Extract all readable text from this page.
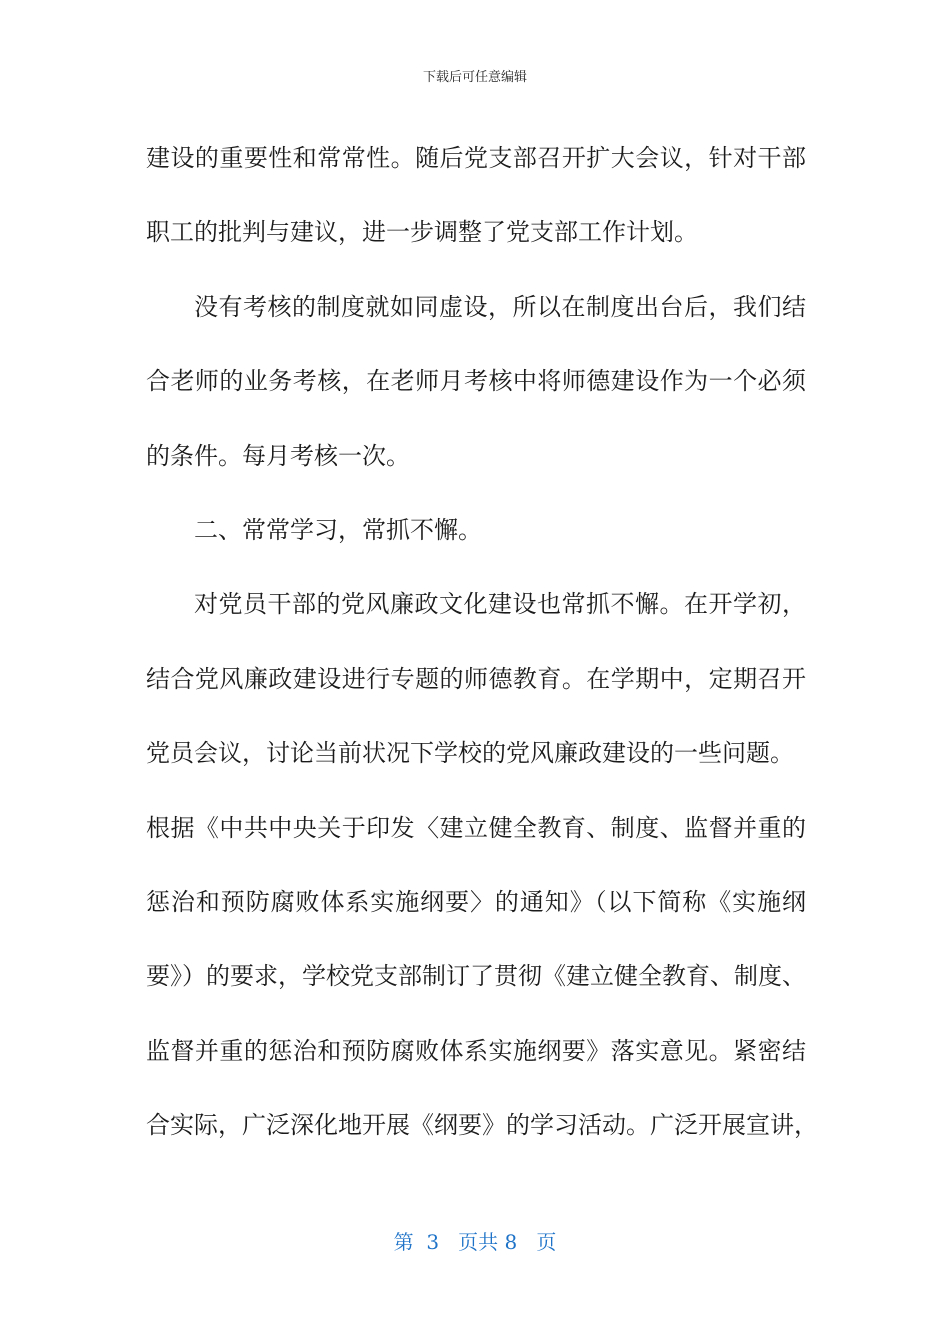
下载后可任意编辑
建设的重要性和常常性。随后党支部召开扩大会议，针对干部
职工的批判与建议，进一步调整了党支部工作计划。
没有考核的制度就如同虚设，所以在制度出台后，我们结
合老师的业务考核，在老师月考核中将师德建设作为一个必须
的条件。每月考核一次。
二、常常学习，常抓不懈。
对党员干部的党风廉政文化建设也常抓不懈。在开学初，
结合党风廉政建设进行专题的师德教育。在学期中，定期召开
党员会议，讨论当前状况下学校的党风廉政建设的一些问题。
根据《中共中央关于印发〈建立健全教育、制度、监督并重的
惩治和预防腐败体系实施纲要〉的通知》（以下简称《实施纲
要》）的要求，学校党支部制订了贯彻《建立健全教育、制度、
监督并重的惩治和预防腐败体系实施纲要》落实意见。紧密结
合实际，广泛深化地开展《纲要》的学习活动。广泛开展宣讲，
第  3   页共 8   页
